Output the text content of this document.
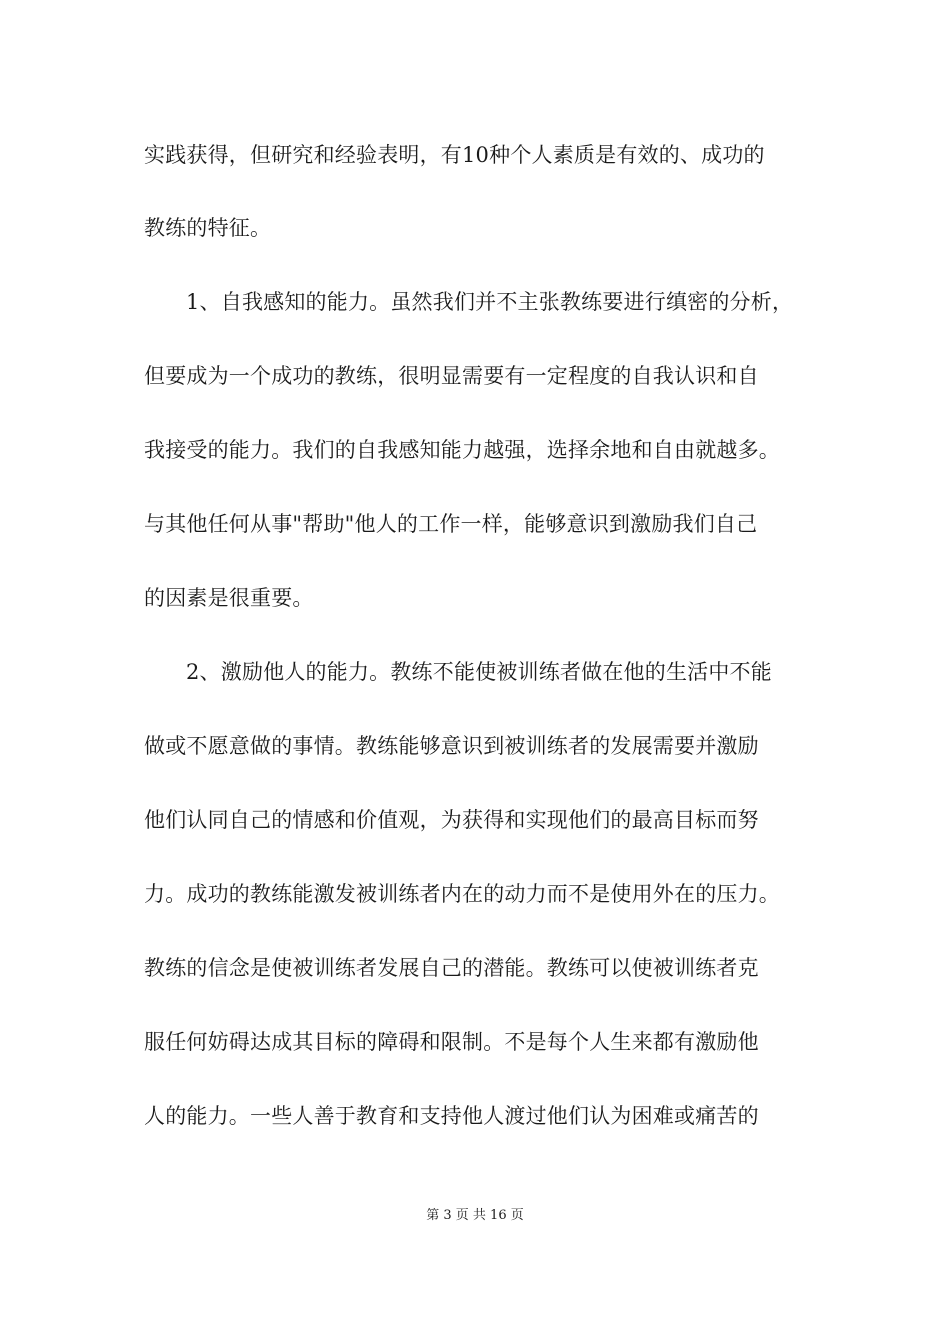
实践获得，但研究和经验表明，有10种个人素质是有效的、成功的
教练的特征。
1、自我感知的能力。虽然我们并不主张教练要进行缜密的分析，
但要成为一个成功的教练，很明显需要有一定程度的自我认识和自
我接受的能力。我们的自我感知能力越强，选择余地和自由就越多。
与其他任何从事"帮助"他人的工作一样，能够意识到激励我们自己
的因素是很重要。
2、激励他人的能力。教练不能使被训练者做在他的生活中不能
做或不愿意做的事情。教练能够意识到被训练者的发展需要并激励
他们认同自己的情感和价值观，为获得和实现他们的最高目标而努
力。成功的教练能激发被训练者内在的动力而不是使用外在的压力。
教练的信念是使被训练者发展自己的潜能。教练可以使被训练者克
服任何妨碍达成其目标的障碍和限制。不是每个人生来都有激励他
人的能力。一些人善于教育和支持他人渡过他们认为困难或痛苦的
第 3 页 共 16 页
